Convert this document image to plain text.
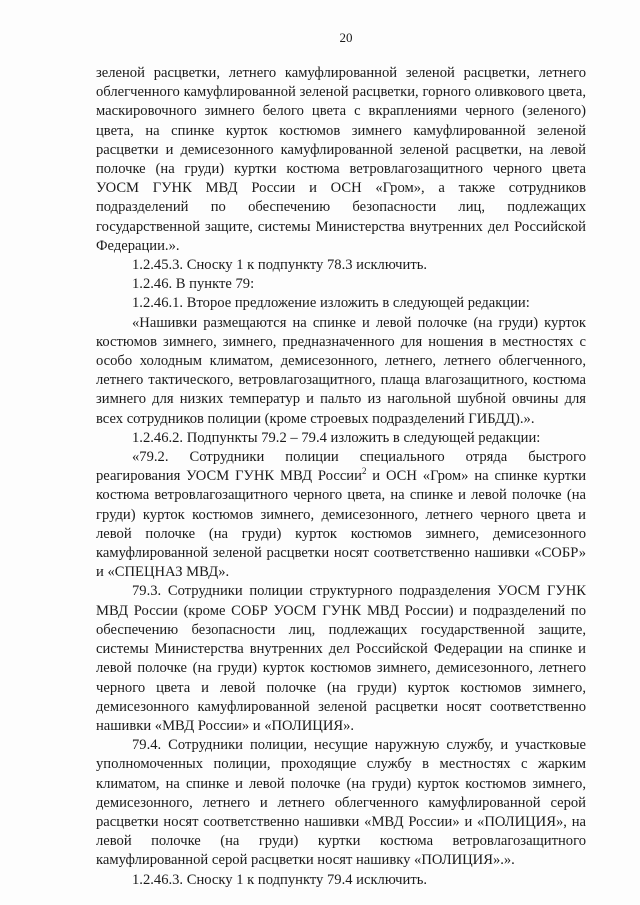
20

зеленой расцветки, летнего камуфлированной зеленой расцветки, летнего облегченного камуфлированной зеленой расцветки, горного оливкового цвета, маскировочного зимнего белого цвета с вкраплениями черного (зеленого) цвета, на спинке курток костюмов зимнего камуфлированной зеленой расцветки и демисезонного камуфлированной зеленой расцветки, на левой полочке (на груди) куртки костюма ветровлагозащитного черного цвета УОСМ ГУНК МВД России и ОСН «Гром», а также сотрудников подразделений по обеспечению безопасности лиц, подлежащих государственной защите, системы Министерства внутренних дел Российской Федерации.».

1.2.45.3. Сноску 1 к подпункту 78.3 исключить.

1.2.46. В пункте 79:

1.2.46.1. Второе предложение изложить в следующей редакции:

«Нашивки размещаются на спинке и левой полочке (на груди) курток костюмов зимнего, зимнего, предназначенного для ношения в местностях с особо холодным климатом, демисезонного, летнего, летнего облегченного, летнего тактического, ветровлагозащитного, плаща влагозащитного, костюма зимнего для низких температур и пальто из нагольной шубной овчины для всех сотрудников полиции (кроме строевых подразделений ГИБДД).».

1.2.46.2. Подпункты 79.2 – 79.4 изложить в следующей редакции:

«79.2. Сотрудники полиции специального отряда быстрого реагирования УОСМ ГУНК МВД России$^2$ и ОСН «Гром» на спинке куртки костюма ветровлагозащитного черного цвета, на спинке и левой полочке (на груди) курток костюмов зимнего, демисезонного, летнего черного цвета и левой полочке (на груди) курток костюмов зимнего, демисезонного камуфлированной зеленой расцветки носят соответственно нашивки «СОБР» и «СПЕЦНАЗ МВД».

79.3. Сотрудники полиции структурного подразделения УОСМ ГУНК МВД России (кроме СОБР УОСМ ГУНК МВД России) и подразделений по обеспечению безопасности лиц, подлежащих государственной защите, системы Министерства внутренних дел Российской Федерации на спинке и левой полочке (на груди) курток костюмов зимнего, демисезонного, летнего черного цвета и левой полочке (на груди) курток костюмов зимнего, демисезонного камуфлированной зеленой расцветки носят соответственно нашивки «МВД России» и «ПОЛИЦИЯ».

79.4. Сотрудники полиции, несущие наружную службу, и участковые уполномоченных полиции, проходящие службу в местностях с жарким климатом, на спинке и левой полочке (на груди) курток костюмов зимнего, демисезонного, летнего и летнего облегченного камуфлированной серой расцветки носят соответственно нашивки «МВД России» и «ПОЛИЦИЯ», на левой полочке (на груди) куртки костюма ветровлагозащитного камуфлированной серой расцветки носят нашивку «ПОЛИЦИЯ».».

1.2.46.3. Сноску 1 к подпункту 79.4 исключить.
